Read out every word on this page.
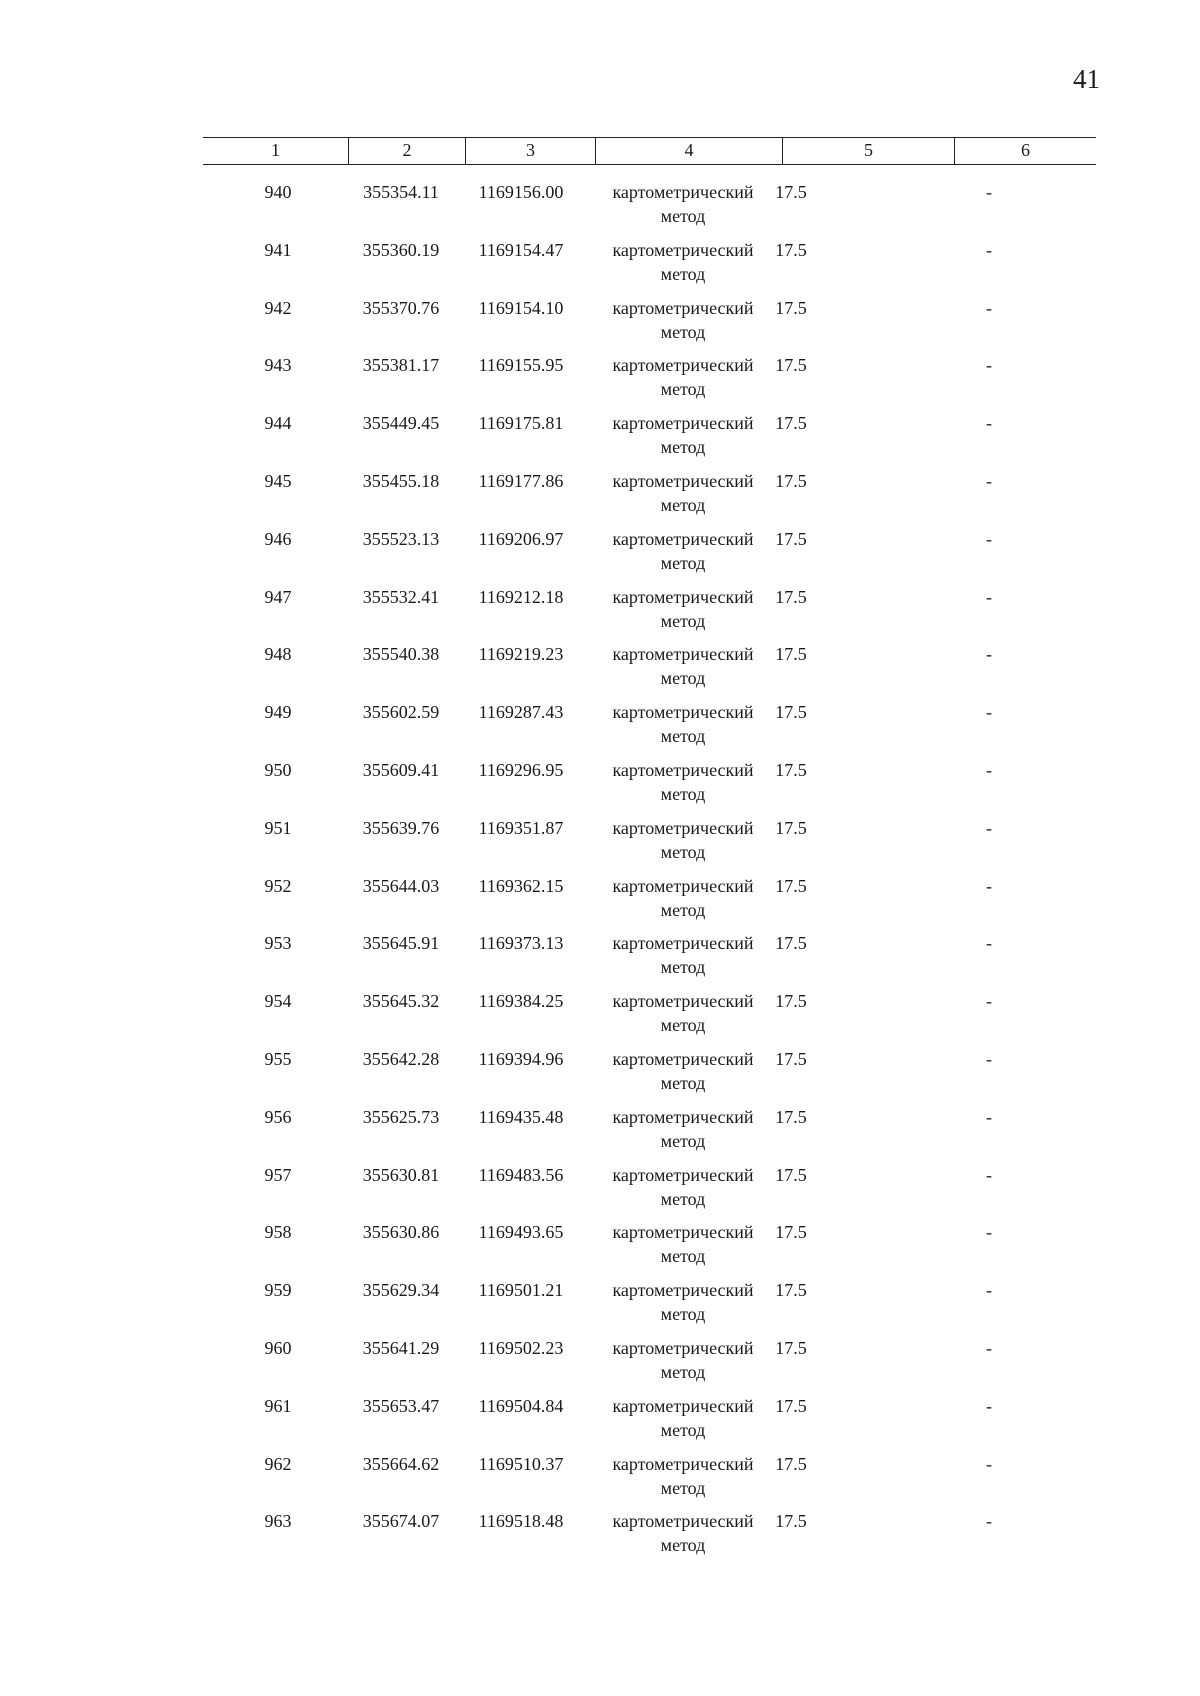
41
1	2	3	4	5	6
940	355354.11	1169156.00	картометрический
метод
17.5	-
941	355360.19	1169154.47	картометрический
метод
17.5	-
942	355370.76	1169154.10	картометрический
метод
17.5	-
943	355381.17	1169155.95	картометрический
метод
17.5	-
944	355449.45	1169175.81	картометрический
метод
17.5	-
945	355455.18	1169177.86	картометрический
метод
17.5	-
946	355523.13	1169206.97	картометрический
метод
17.5	-
947	355532.41	1169212.18	картометрический
метод
17.5	-
948	355540.38	1169219.23	картометрический
метод
17.5	-
949	355602.59	1169287.43	картометрический
метод
17.5	-
950	355609.41	1169296.95	картометрический
метод
17.5	-
951	355639.76	1169351.87	картометрический
метод
17.5	-
952	355644.03	1169362.15	картометрический
метод
17.5	-
953	355645.91	1169373.13	картометрический
метод
17.5	-
954	355645.32	1169384.25	картометрический
метод
17.5	-
955	355642.28	1169394.96	картометрический
метод
17.5	-
956	355625.73	1169435.48	картометрический
метод
17.5	-
957	355630.81	1169483.56	картометрический
метод
17.5	-
958	355630.86	1169493.65	картометрический
метод
17.5	-
959	355629.34	1169501.21	картометрический
метод
17.5	-
960	355641.29	1169502.23	картометрический
метод
17.5	-
961	355653.47	1169504.84	картометрический
метод
17.5	-
962	355664.62	1169510.37	картометрический
метод
17.5	-
963	355674.07	1169518.48	картометрический
метод
17.5	-
